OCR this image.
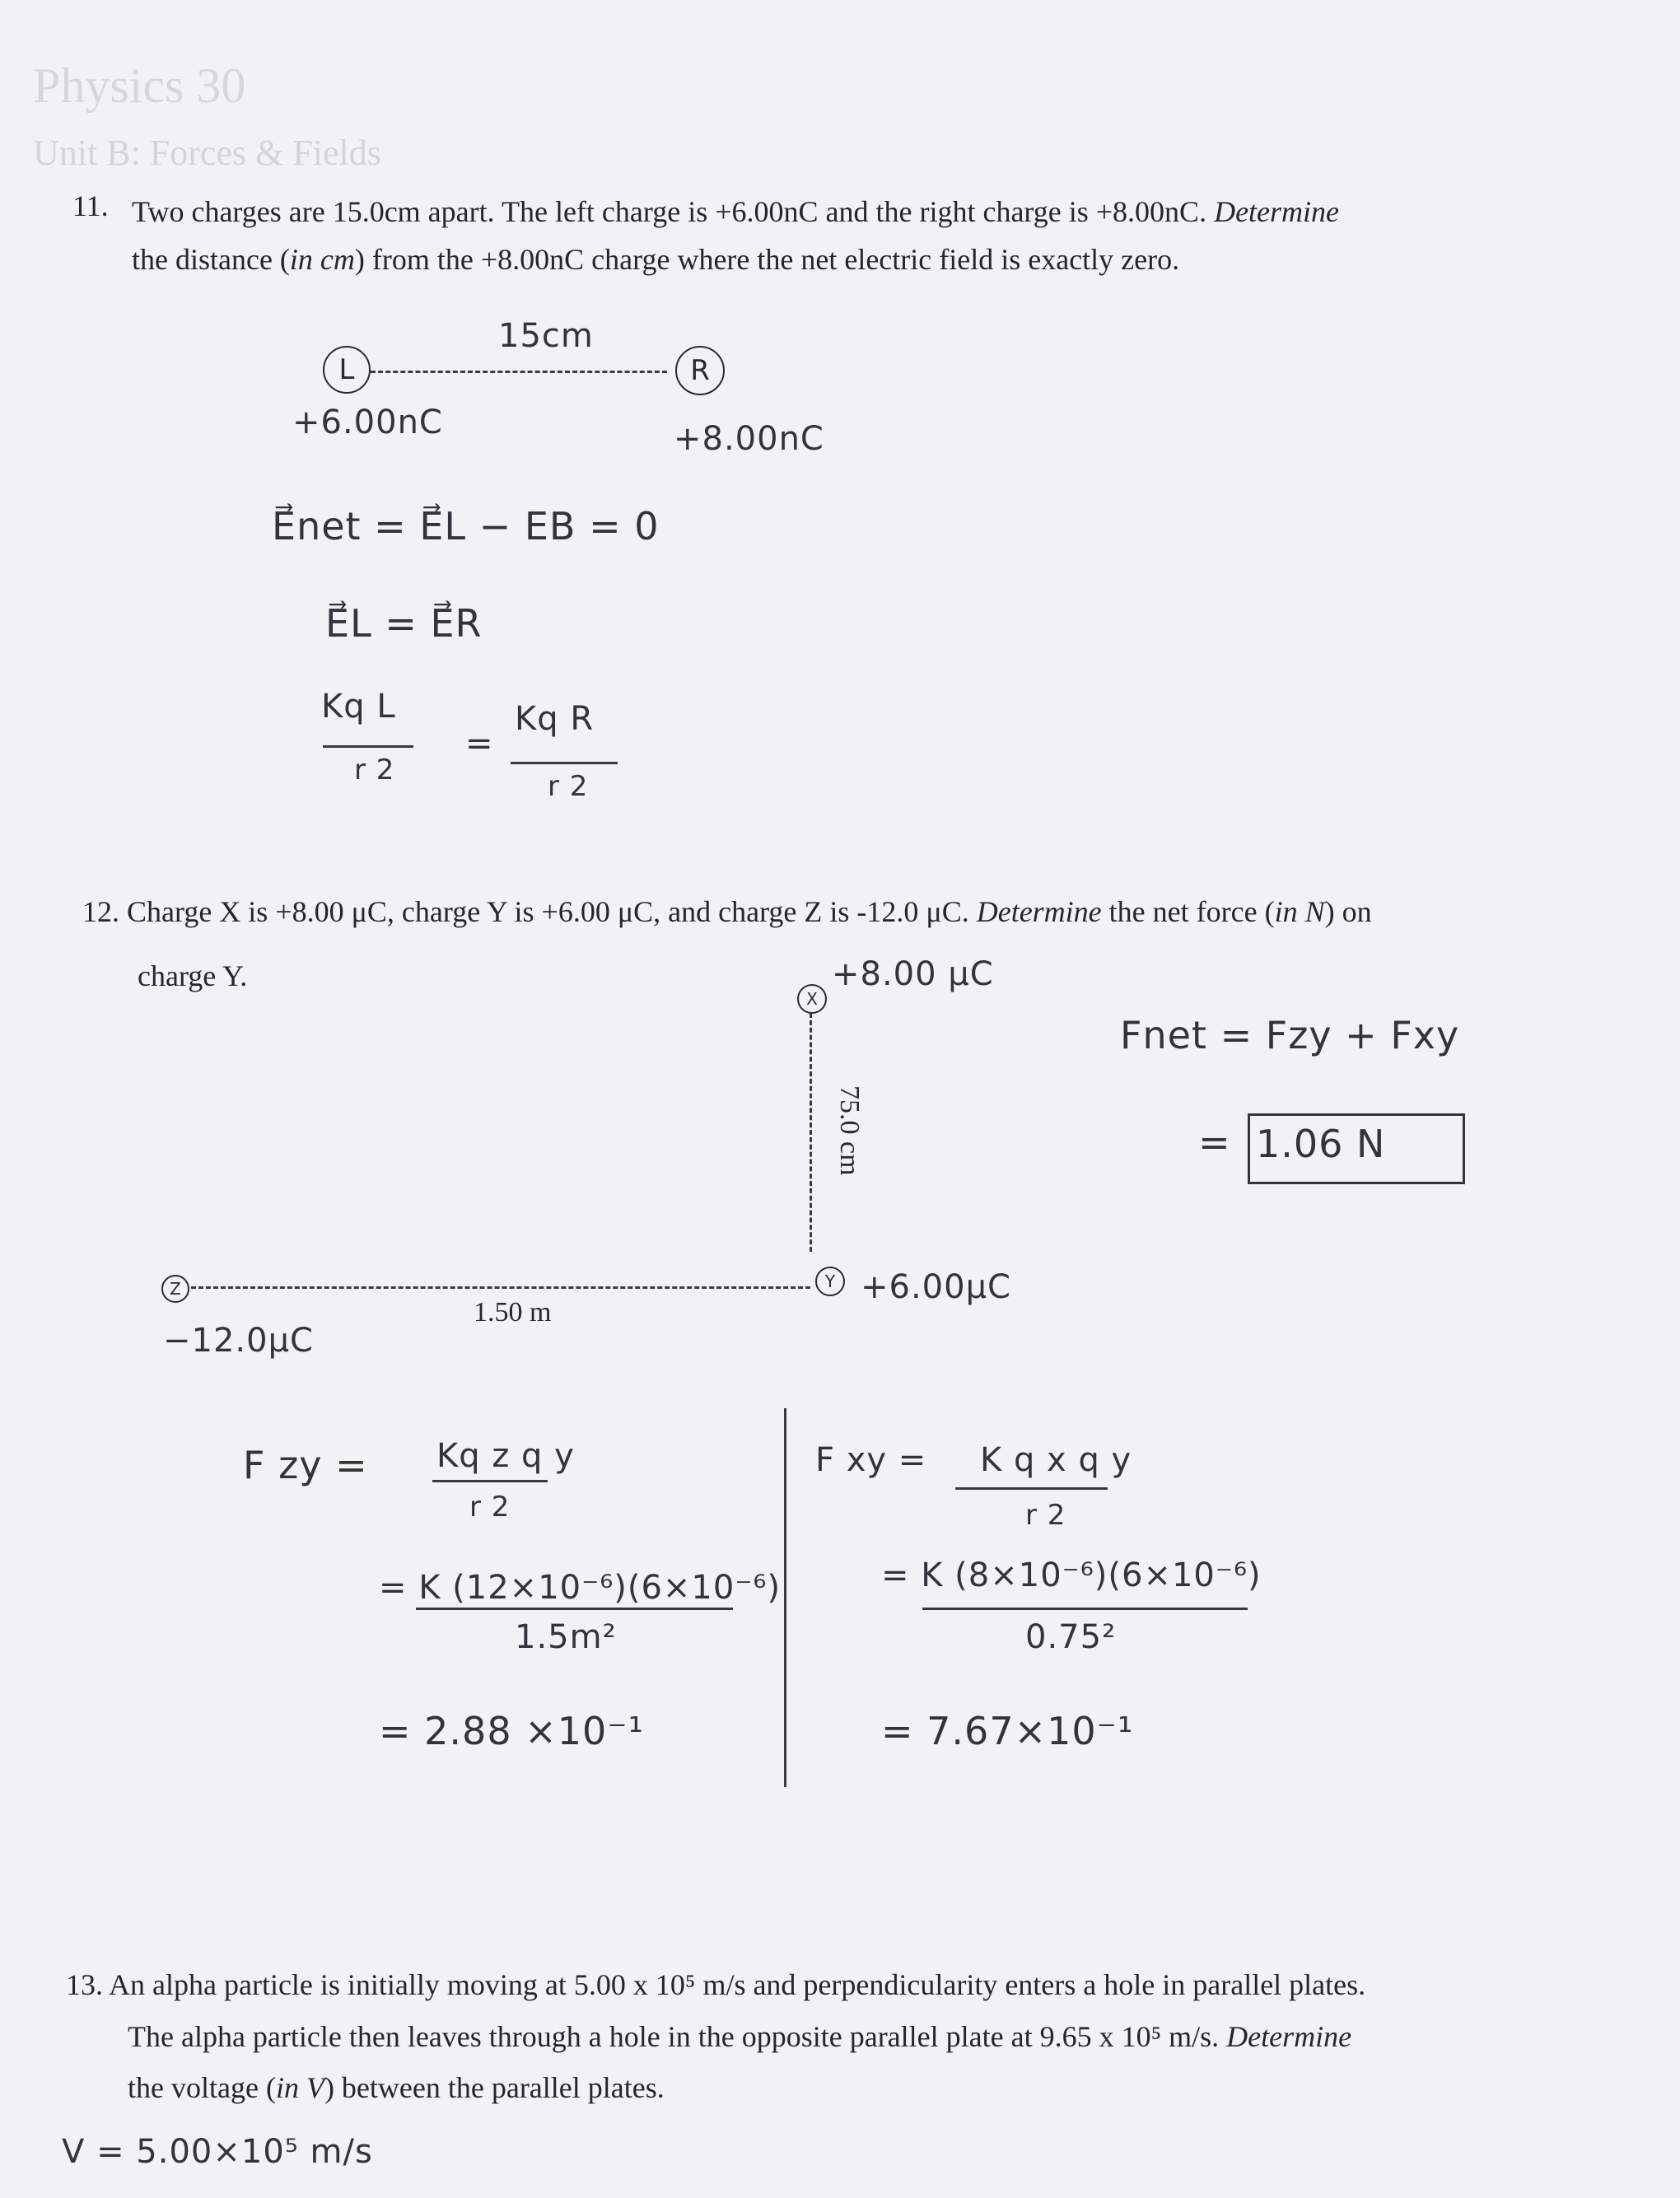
Physics 30
Unit B: Forces & Fields
11. Two charges are 15.0cm apart. The left charge is +6.00nC and the right charge is +8.00nC. Determine
the distance (in cm) from the +8.00nC charge where the net electric field is exactly zero.
L
15cm
R
+6.00nC	+8.00nC
E⃗net = E⃗L − EB = 0
E⃗L = E⃗R
Kq L
r 2
=
Kq R
r 2
12. Charge X is +8.00 μC, charge Y is +6.00 μC, and charge Z is -12.0 μC. Determine the net force (in N) on
charge Y.
X
+8.00 μC
75.0 cm
Y +6.00μC
Z
1.50 m
−12.0μC
Fnet = Fzy + Fxy
= 1.06 N
F zy = Kq z q y
r 2
= K (12×10⁻⁶)(6×10⁻⁶)
1.5m²
= 2.88 ×10⁻¹
F xy = K q x q y
r 2
= K (8×10⁻⁶)(6×10⁻⁶)
0.75²
= 7.67×10⁻¹
13. An alpha particle is initially moving at 5.00 x 10⁵ m/s and perpendicularity enters a hole in parallel plates.
The alpha particle then leaves through a hole in the opposite parallel plate at 9.65 x 10⁵ m/s. Determine
the voltage (in V) between the parallel plates.
V = 5.00×10⁵ m/s
